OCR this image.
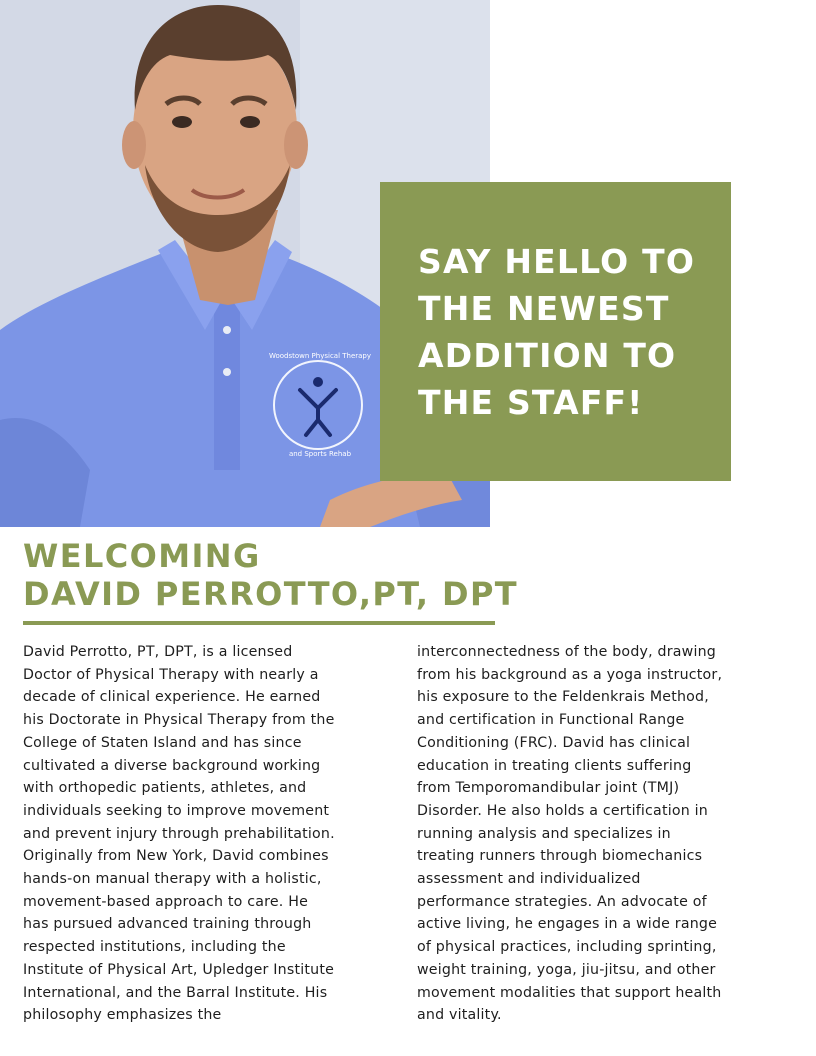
Woodstown Physical Therapy
and Sports Rehab
SAY HELLO TO
THE NEWEST
ADDITION TO
THE STAFF!
WELCOMING
DAVID PERROTTO,PT, DPT

David Perrotto, PT, DPT, is a licensed
Doctor of Physical Therapy with nearly a
decade of clinical experience. He earned
his Doctorate in Physical Therapy from the
College of Staten Island and has since
cultivated a diverse background working
with orthopedic patients, athletes, and
individuals seeking to improve movement
and prevent injury through prehabilitation.
Originally from New York, David combines
hands-on manual therapy with a holistic,
movement-based approach to care. He
has pursued advanced training through
respected institutions, including the
Institute of Physical Art, Upledger Institute
International, and the Barral Institute. His
philosophy emphasizes the

interconnectedness of the body, drawing
from his background as a yoga instructor,
his exposure to the Feldenkrais Method,
and certification in Functional Range
Conditioning (FRC). David has clinical
education in treating clients suffering
from Temporomandibular joint (TMJ)
Disorder. He also holds a certification in
running analysis and specializes in
treating runners through biomechanics
assessment and individualized
performance strategies. An advocate of
active living, he engages in a wide range
of physical practices, including sprinting,
weight training, yoga, jiu-jitsu, and other
movement modalities that support health
and vitality.
